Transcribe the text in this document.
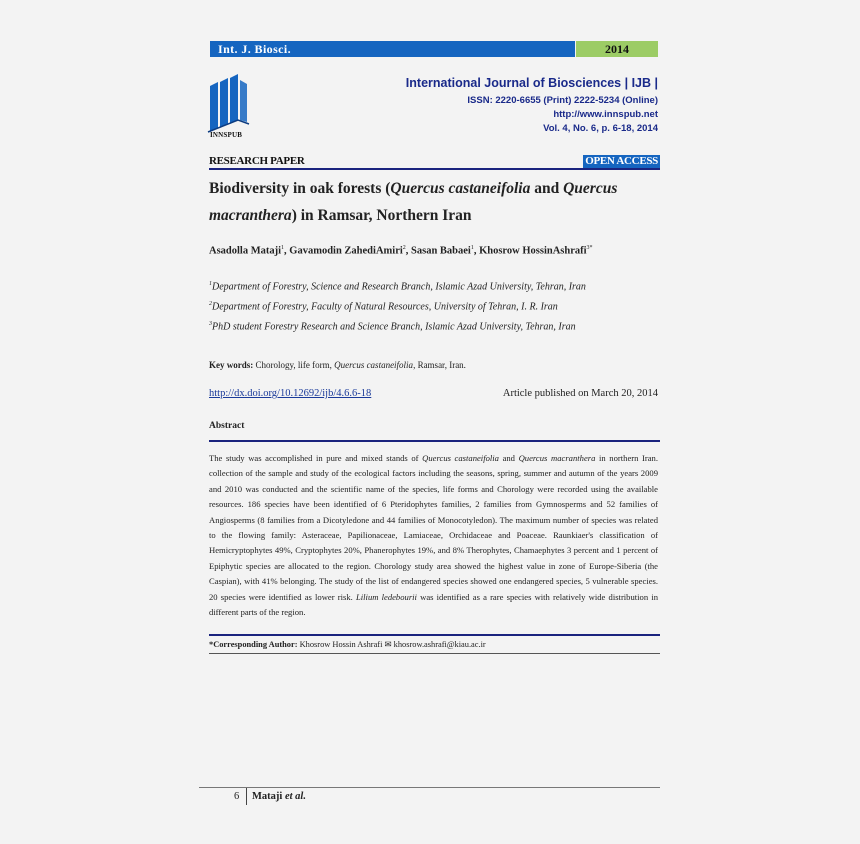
Int. J. Biosci.	2014
INNSPUB
International Journal of Biosciences | IJB |
ISSN: 2220-6655 (Print) 2222-5234 (Online)
http://www.innspub.net
Vol. 4, No. 6, p. 6-18, 2014
RESEARCH PAPER	OPEN ACCESS
Biodiversity in oak forests (Quercus castaneifolia and Quercus macranthera) in Ramsar, Northern Iran
Asadolla Mataji$^1$, Gavamodin ZahediAmiri$^2$, Sasan Babaei$^1$, Khosrow HossinAshrafi$^{3*}$
$^1$Department of Forestry, Science and Research Branch, Islamic Azad University, Tehran, Iran
$^2$Department of Forestry, Faculty of Natural Resources, University of Tehran, I. R. Iran
$^3$PhD student Forestry Research and Science Branch, Islamic Azad University, Tehran, Iran
Key words: Chorology, life form, Quercus castaneifolia, Ramsar, Iran.
http://dx.doi.org/10.12692/ijb/4.6.6-18	Article published on March 20, 2014
Abstract
The study was accomplished in pure and mixed stands of Quercus castaneifolia and Quercus macranthera in northern Iran. collection of the sample and study of the ecological factors including the seasons, spring, summer and autumn of the years 2009 and 2010 was conducted and the scientific name of the species, life forms and Chorology were recorded using the available resources. 186 species have been identified of 6 Pteridophytes families, 2 families from Gymnosperms and 52 families of Angiosperms (8 families from a Dicotyledone and 44 families of Monocotyledon). The maximum number of species was related to the flowing family: Asteraceae, Papilionaceae, Lamiaceae, Orchidaceae and Poaceae. Raunkiaer's classification of Hemicryptophytes 49%, Cryptophytes 20%, Phanerophytes 19%, and 8% Therophytes, Chamaephytes 3 percent and 1 percent of Epiphytic species are allocated to the region. Chorology study area showed the highest value in zone of Europe-Siberia (the Caspian), with 41% belonging. The study of the list of endangered species showed one endangered species, 5 vulnerable species. 20 species were identified as lower risk. Lilium ledebourii was identified as a rare species with relatively wide distribution in different parts of the region.
*Corresponding Author: Khosrow Hossin Ashrafi ✉ khosrow.ashrafi@kiau.ac.ir
6 Mataji et al.
